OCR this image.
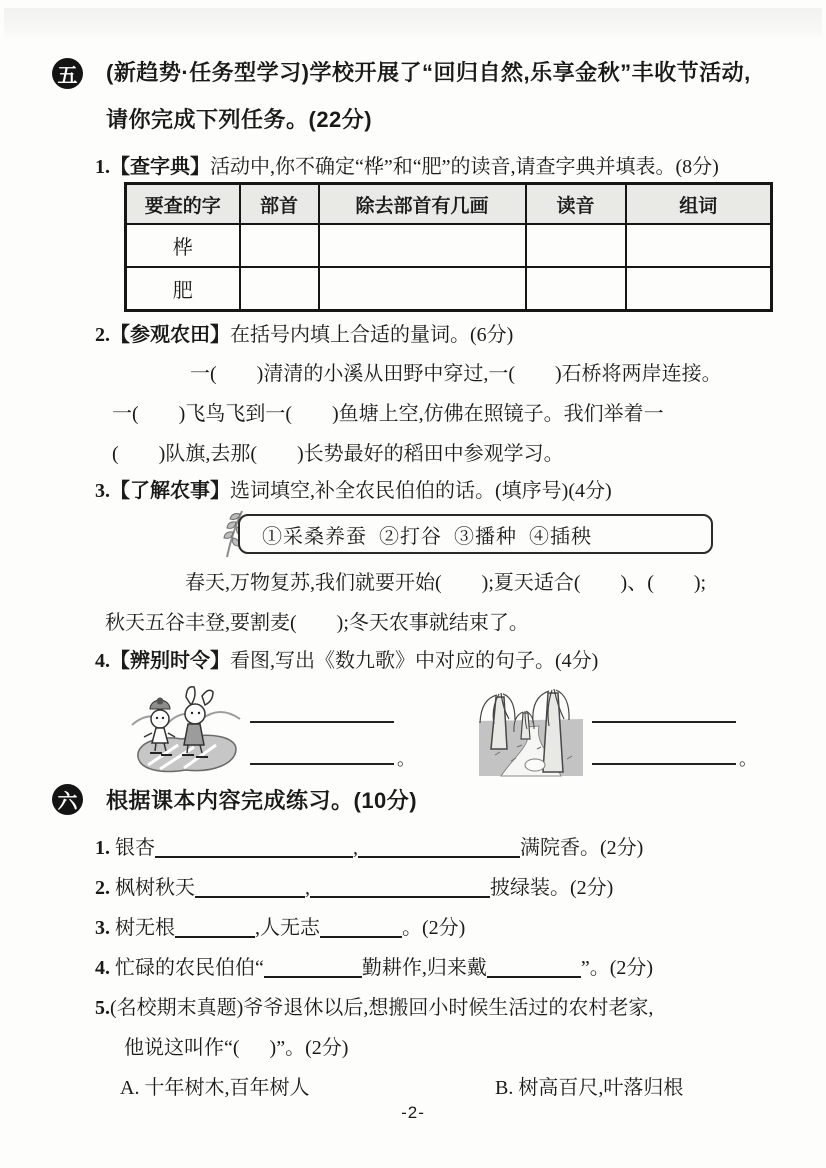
五 (新趋势·任务型学习)学校开展了“回归自然,乐享金秋”丰收节活动,
请你完成下列任务。(22分)
1.【查字典】活动中,你不确定“桦”和“肥”的读音,请查字典并填表。(8分)
要查的字	部首	除去部首有几画	读音	组词
桦				
肥				
2.【参观农田】在括号内填上合适的量词。(6分)
一(        )清清的小溪从田野中穿过,一(        )石桥将两岸连接。
一(        )飞鸟飞到一(        )鱼塘上空,仿佛在照镜子。我们举着一
(        )队旗,去那(        )长势最好的稻田中参观学习。
3.【了解农事】选词填空,补全农民伯伯的话。(填序号)(4分)
①采桑养蚕  ②打谷  ③播种  ④插秧
春天,万物复苏,我们就要开始(        );夏天适合(        )、(        );
秋天五谷丰登,要割麦(        );冬天农事就结束了。
4.【辨别时令】看图,写出《数九歌》中对应的句子。(4分)
。	。
六 根据课本内容完成练习。(10分)
1. 银杏	,	满院香。(2分)
2. 枫树秋天	,	披绿装。(2分)
3. 树无根	,人无志	。(2分)
4. 忙碌的农民伯伯“	勤耕作,归来戴	”。(2分)
5.(名校期末真题)爷爷退休以后,想搬回小时候生活过的农村老家,
他说这叫作“(      )”。(2分)
A. 十年树木,百年树人	B. 树高百尺,叶落归根
-2-
